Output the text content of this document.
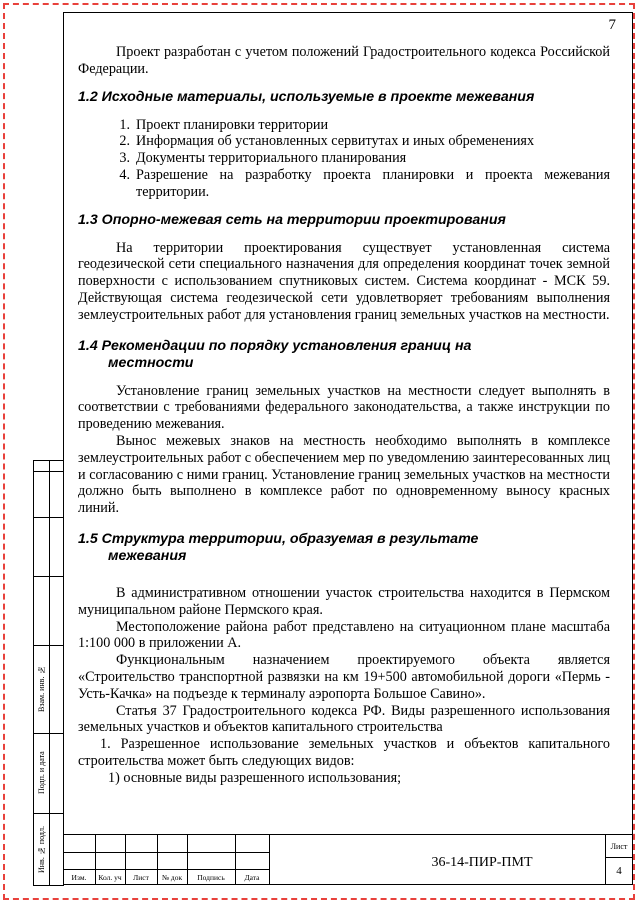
7

Проект разработан с учетом положений Градостроительного кодекса Российской Федерации.

1.2 Исходные материалы, используемые в проекте межевания
1. Проект планировки территории
2. Информация об установленных сервитутах и иных обременениях
3. Документы территориального планирования
4. Разрешение на разработку проекта планировки и проекта межевания территории.
1.3 Опорно-межевая сеть на территории проектирования

На территории проектирования существует установленная система геодезической сети специального назначения для определения координат точек земной поверхности с использованием спутниковых систем. Система координат - МСК 59. Действующая система геодезической сети удовлетворяет требованиям выполнения землеустроительных работ для установления границ земельных участков на местности.

1.4 Рекомендации по порядку установления границ на
местности

Установление границ земельных участков на местности следует выполнять в соответствии с требованиями федерального законодательства, а также инструкции по проведению межевания.

Вынос межевых знаков на местность необходимо выполнять в комплексе землеустроительных работ с обеспечением мер по уведомлению заинтересованных лиц и согласованию с ними границ. Установление границ земельных участков на местности должно быть выполнено в комплексе работ по одновременному выносу красных линий.

1.5 Структура территории, образуемая в результате
межевания

В административном отношении участок строительства находится в Пермском муниципальном районе Пермского края.

Местоположение района работ представлено на ситуационном плане масштаба 1:100 000 в приложении А.

Функциональным назначением проектируемого объекта является «Строительство транспортной развязки на км 19+500 автомобильной дороги «Пермь - Усть-Качка» на подъезде к терминалу аэропорта Большое Савино».

Статья 37 Градостроительного кодекса РФ. Виды разрешенного использования земельных участков и объектов капитального строительства

1. Разрешенное использование земельных участков и объектов капитального строительства может быть следующих видов:

1) основные виды разрешенного использования;

Взам. инв. №
Подп. и дата
Инв. № подл.
Изм.	Кол. уч	Лист	№ док	Подпись	Дата
36-14-ПИР-ПМТ
Лист
4
